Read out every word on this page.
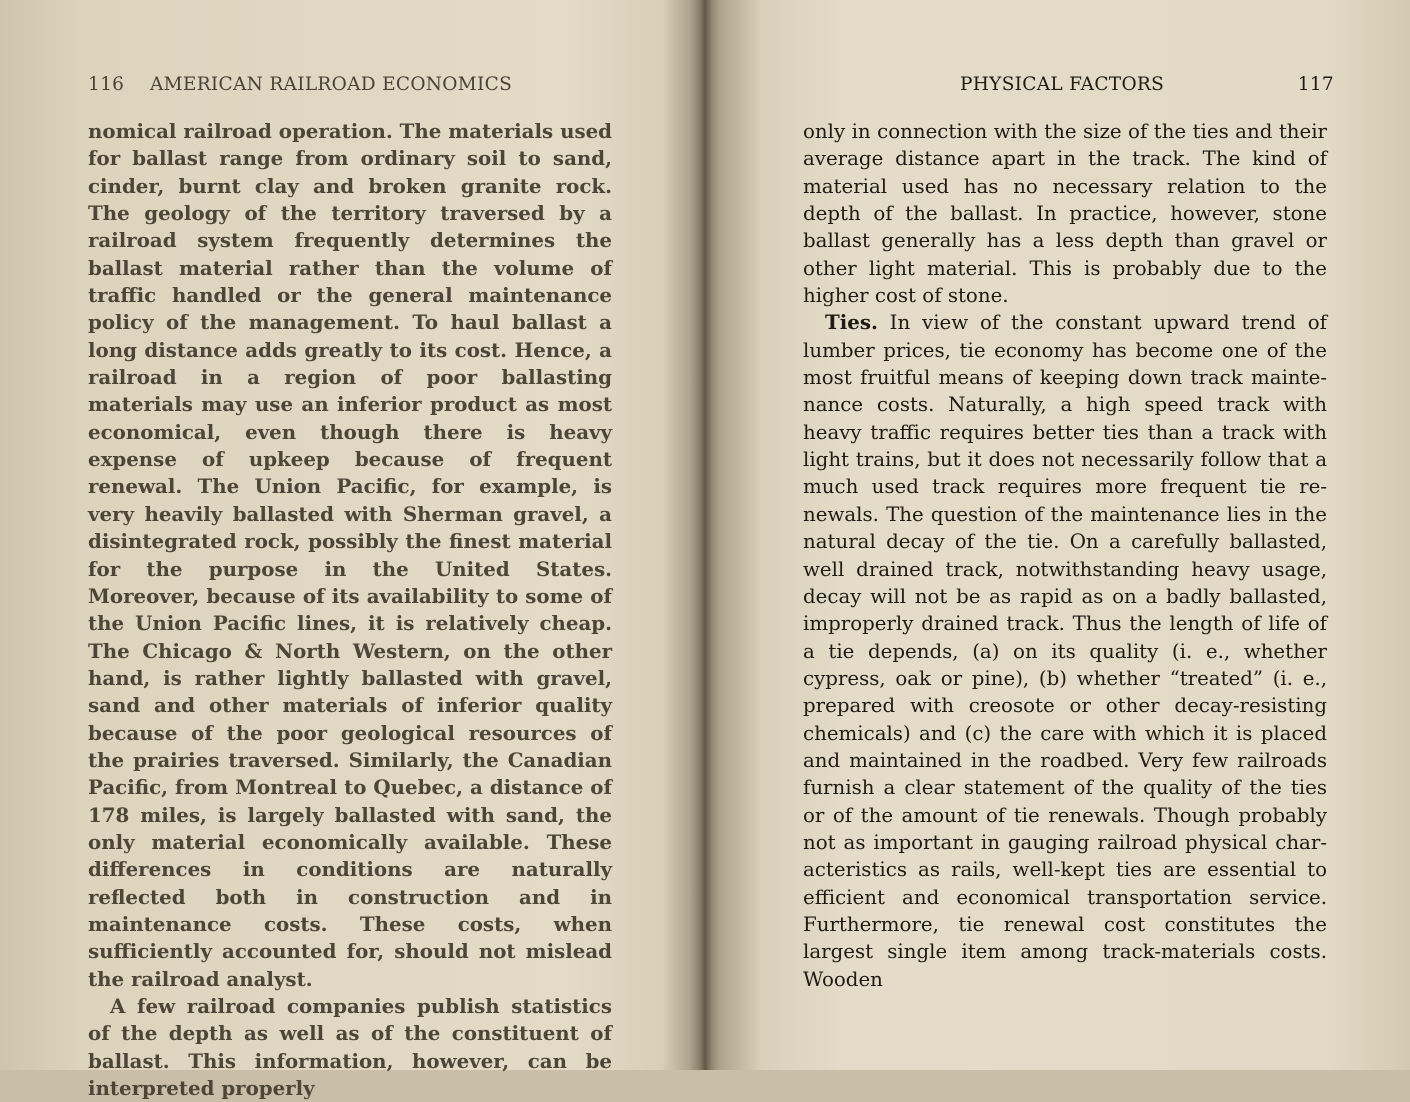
116 AMERICAN RAILROAD ECONOMICS

nomical railroad operation. The materials used for ballast range from ordinary soil to sand, cinder, burnt clay and broken granite rock. The geology of the territory traversed by a railroad system frequently determines the ballast material rather than the volume of traffic handled or the general maintenance policy of the management. To haul ballast a long distance adds greatly to its cost. Hence, a railroad in a region of poor ballasting materials may use an inferior product as most economical, even though there is heavy expense of upkeep because of frequent renewal. The Union Pacific, for example, is very heavily ballasted with Sherman gravel, a disintegrated rock, possibly the finest material for the purpose in the United States. Moreover, because of its availability to some of the Union Pacific lines, it is relatively cheap. The Chicago & North Western, on the other hand, is rather lightly ballasted with gravel, sand and other materials of inferior quality because of the poor geological resources of the prairies traversed. Similarly, the Canadian Pacific, from Montreal to Quebec, a distance of 178 miles, is largely ballasted with sand, the only material economically available. These differences in conditions are naturally reflected both in construction and in maintenance costs. These costs, when sufficiently accounted for, should not mislead the railroad analyst.

A few railroad companies publish statistics of the depth as well as of the constituent of ballast. This information, however, can be interpreted properly

PHYSICAL FACTORS	117

only in connection with the size of the ties and their average distance apart in the track. The kind of material used has no necessary relation to the depth of the ballast. In practice, however, stone ballast generally has a less depth than gravel or other light material. This is probably due to the higher cost of stone.

Ties. In view of the constant upward trend of lumber prices, tie economy has become one of the most fruitful means of keeping down track maintenance costs. Naturally, a high speed track with heavy traffic requires better ties than a track with light trains, but it does not necessarily follow that a much used track requires more frequent tie renewals. The question of the maintenance lies in the natural decay of the tie. On a carefully ballasted, well drained track, notwithstanding heavy usage, decay will not be as rapid as on a badly ballasted, improperly drained track. Thus the length of life of a tie depends, (a) on its quality (i. e., whether cypress, oak or pine), (b) whether “treated” (i. e., prepared with creosote or other decay-resisting chemicals) and (c) the care with which it is placed and maintained in the roadbed. Very few railroads furnish a clear statement of the quality of the ties or of the amount of tie renewals. Though probably not as important in gauging railroad physical characteristics as rails, well-kept ties are essential to efficient and economical transportation service. Furthermore, tie renewal cost constitutes the largest single item among track-materials costs. Wooden
